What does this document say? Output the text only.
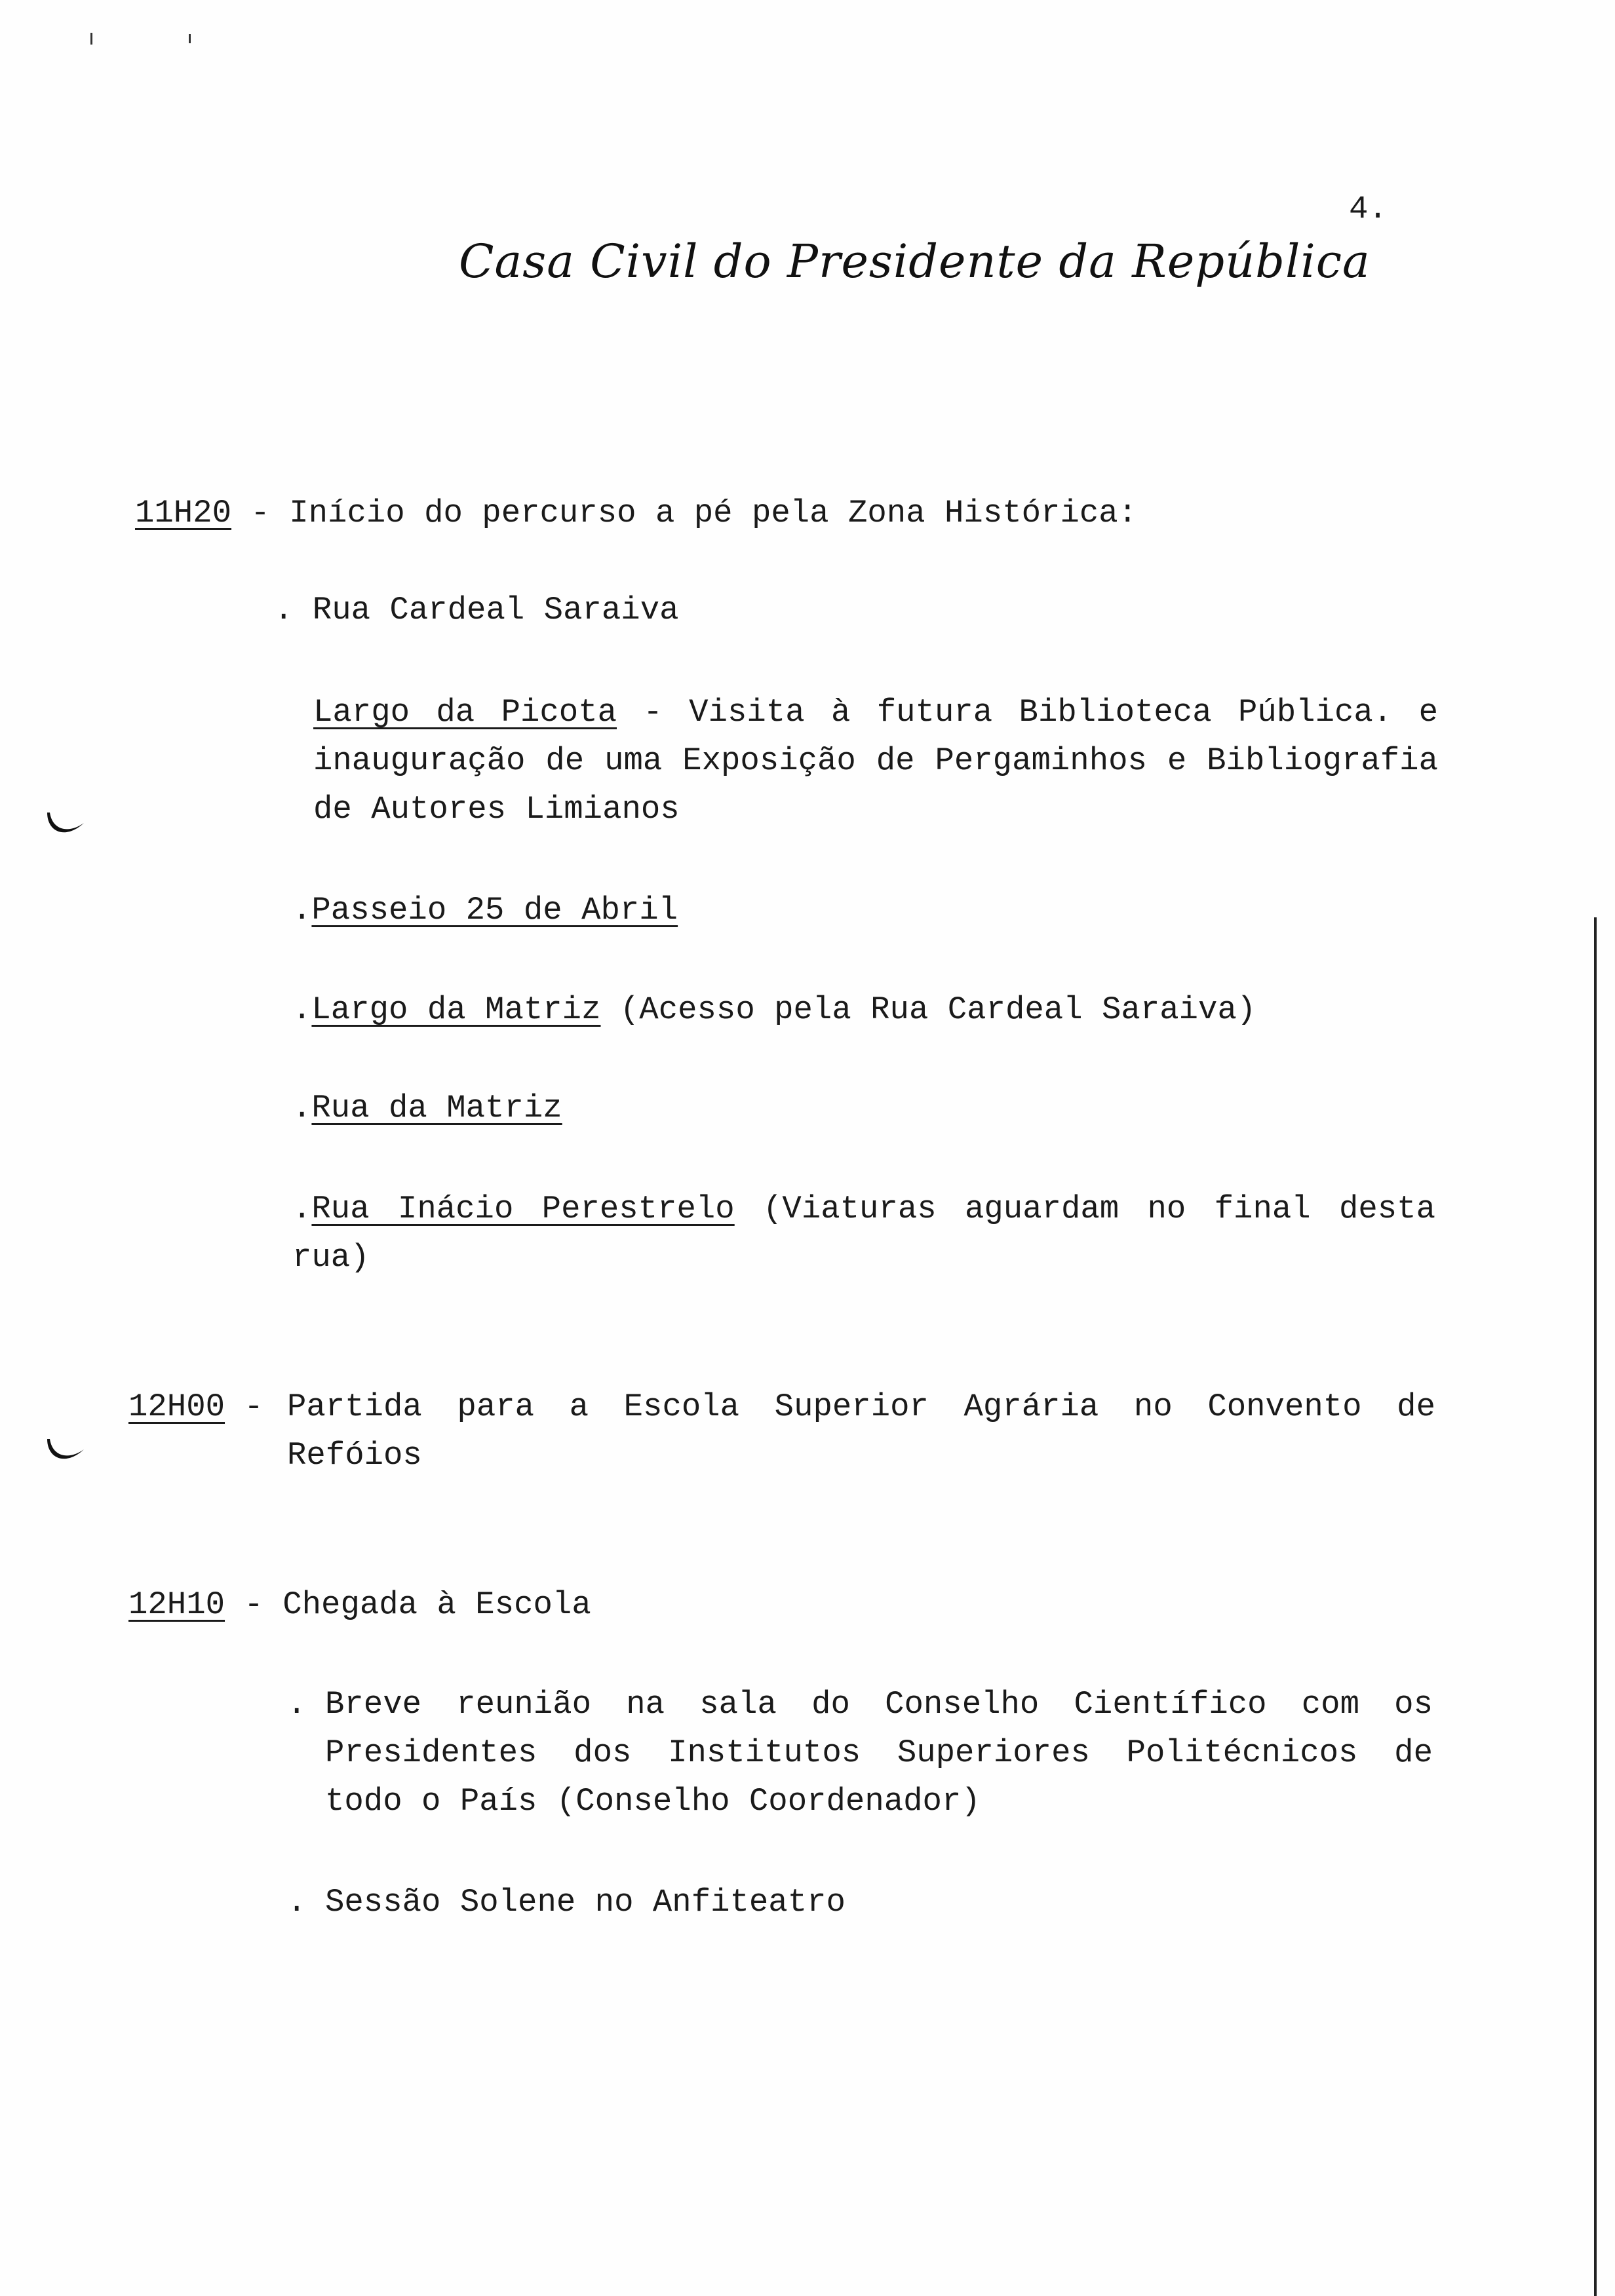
4.
Casa Civil do Presidente da República
11H20 - Início do percurso a pé pela Zona Histórica:
. Rua Cardeal Saraiva
Largo da Picota - Visita à futura Biblioteca Pública. e inauguração de uma Exposição de Pergaminhos e Bibliografia de Autores Limianos
.Passeio 25 de Abril
.Largo da Matriz (Acesso pela Rua Cardeal Saraiva)
.Rua da Matriz
.Rua Inácio Perestrelo (Viaturas aguardam no final desta rua)
12H00 - Partida para a Escola Superior Agrária no Convento de Refóios
12H10 - Chegada à Escola
. Breve reunião na sala do Conselho Científico com os Presidentes dos Institutos Superiores Politécnicos de todo o País (Conselho Coordenador)
. Sessão Solene no Anfiteatro
